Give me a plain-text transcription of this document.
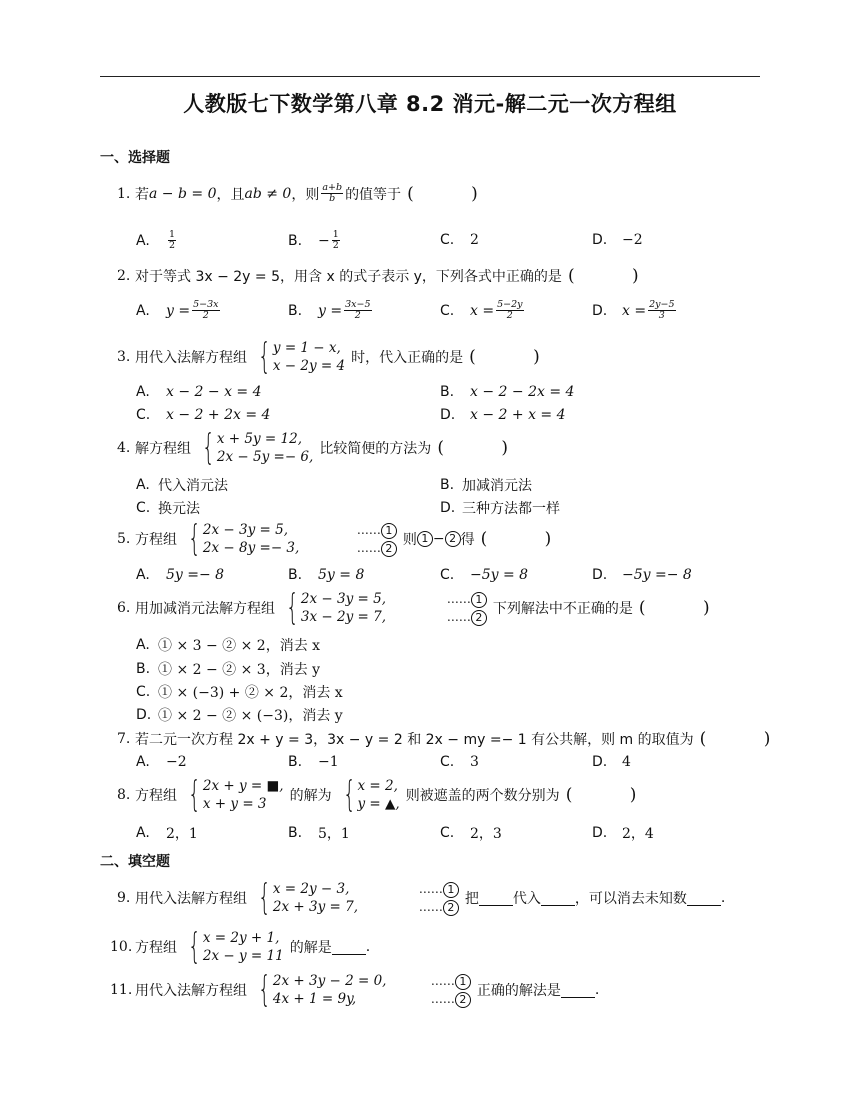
人教版七下数学第八章 8.2 消元-解二元一次方程组
一、选择题
1. 若 a − b = 0 ，且 ab ≠ 0 ，则 $\frac{a+b}{b}$ 的值等于 ( )
A.	$\frac{1}{2}$	B.	− $\frac{1}{2}$	C.	2	D.	−2
2. 对于等式 3x − 2y = 5，用含 x 的式子表示 y，下列各式中正确的是 ( )
A.	$y = \frac{5-3x}{2}$	B.	$y = \frac{3x-5}{2}$	C.	$x = \frac{5-2y}{2}$	D.	$x = \frac{2y-5}{3}$
3. 用代入法解方程组 { y = 1 − x,
x − 2y = 4 时，代入正确的是 ( )
A.	x − 2 − x = 4	B.	x − 2 − 2x = 4
C.	x − 2 + 2x = 4	D.	x − 2 + x = 4
4. 解方程组 { x + 5y = 12,
2x − 5y =− 6, 比较简便的方法为 ( )
A. 代入消元法	B. 加减消元法
C. 换元法	D. 三种方法都一样
5. 方程组 { 2x − 3y = 5,	…… 1
2x − 8y =− 3,	…… 2 则 1 − 2 得 ( )
A.	5y =− 8	B.	5y = 8	C.	−5y = 8	D.	−5y =− 8
6. 用加减消元法解方程组 { 2x − 3y = 5,	…… 1
3x − 2y = 7,	…… 2 下列解法中不正确的是 ( )
A. ① × 3 − ② × 2，消去 x
B. ① × 2 − ② × 3，消去 y
C. ① × (−3) + ② × 2，消去 x
D. ① × 2 − ② × (−3)，消去 y
7. 若二元一次方程 2x + y = 3，3x − y = 2 和 2x − my =− 1 有公共解，则 m 的取值为 ( )
A.	−2	B.	−1	C.	3	D.	4
8. 方程组 { 2x + y = ■,
x + y = 3	的解为 { x = 2,
y = ▲, 则被遮盖的两个数分别为 ( )
A.	2，1	B.	5，1	C.	2，3	D.	2，4
二、填空题
9. 用代入法解方程组 { x = 2y − 3,	…… 1
2x + 3y = 7,	…… 2 把 代入 ，可以消去未知数 .
10. 方程组 { x = 2y + 1,
2x − y = 11 的解是 .
11. 用代入法解方程组 { 2x + 3y − 2 = 0,	…… 1
4x + 1 = 9y,	…… 2 正确的解法是 .
